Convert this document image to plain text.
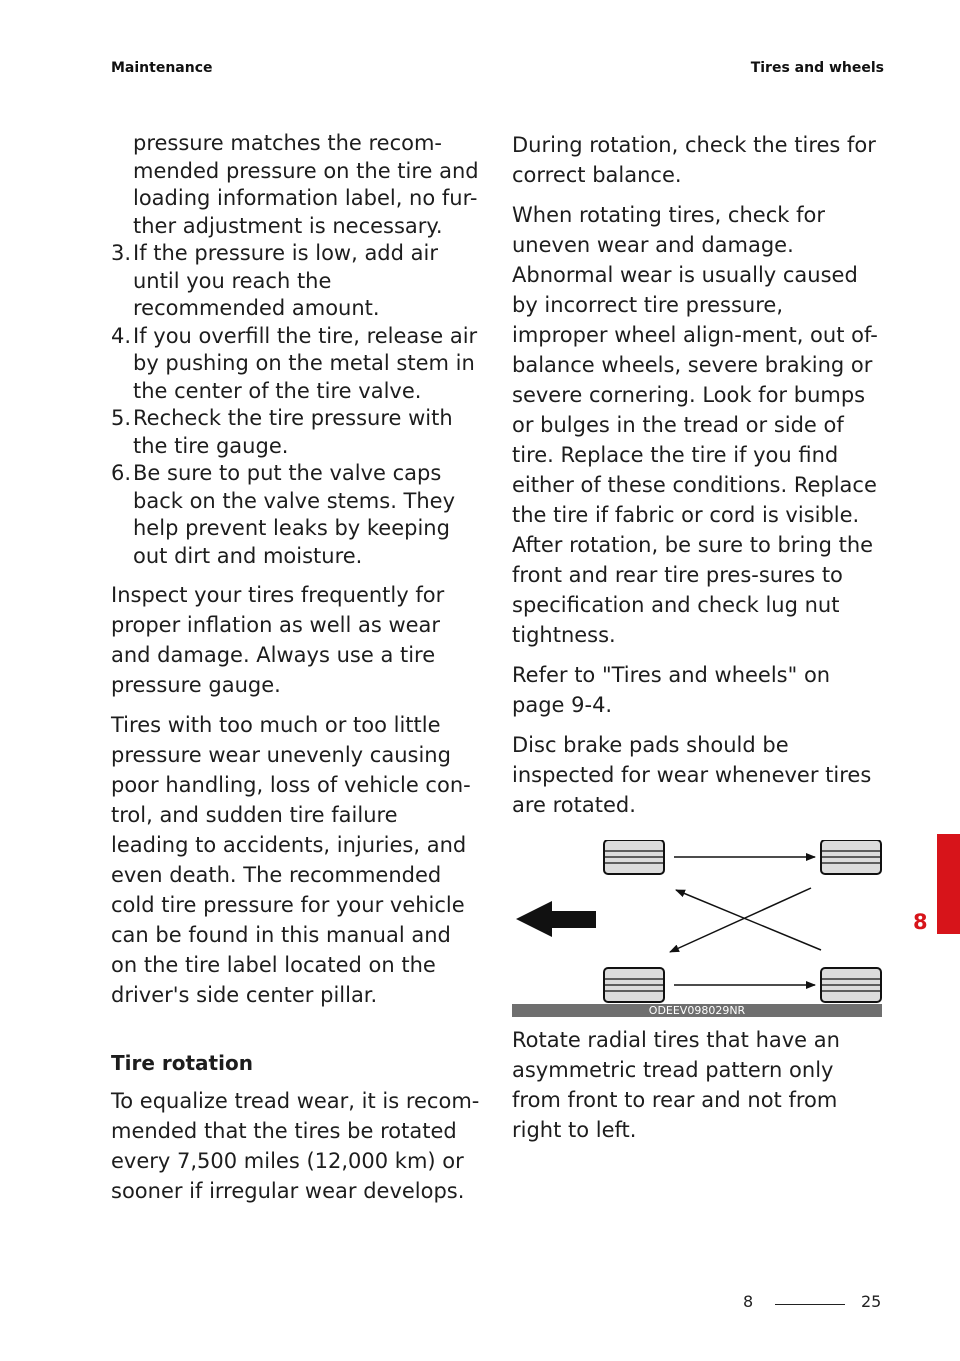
Maintenance	Tires and wheels

pressure matches the recom-mended pressure on the tire and loading information label, no fur-ther adjustment is necessary.

3. If the pressure is low, add air until you reach the recommended amount.
4. If you overfill the tire, release air by pushing on the metal stem in the center of the tire valve.
5. Recheck the tire pressure with the tire gauge.
6. Be sure to put the valve caps back on the valve stems. They help prevent leaks by keeping out dirt and moisture.

Inspect your tires frequently for proper inflation as well as wear and damage. Always use a tire pressure gauge.

Tires with too much or too little pressure wear unevenly causing poor handling, loss of vehicle con-trol, and sudden tire failure leading to accidents, injuries, and even death. The recommended cold tire pressure for your vehicle can be found in this manual and on the tire label located on the driver's side center pillar.

Tire rotation

To equalize tread wear, it is recom-mended that the tires be rotated every 7,500 miles (12,000 km) or sooner if irregular wear develops.

During rotation, check the tires for correct balance.

When rotating tires, check for uneven wear and damage. Abnormal wear is usually caused by incorrect tire pressure, improper wheel align-ment, out of-balance wheels, severe braking or severe cornering. Look for bumps or bulges in the tread or side of tire. Replace the tire if you find either of these conditions. Replace the tire if fabric or cord is visible. After rotation, be sure to bring the front and rear tire pres-sures to specification and check lug nut tightness.

Refer to "Tires and wheels" on page 9-4.

Disc brake pads should be inspected for wear whenever tires are rotated.

ODEEV098029NR

Rotate radial tires that have an asymmetric tread pattern only from front to rear and not from right to left.

8
8	25
